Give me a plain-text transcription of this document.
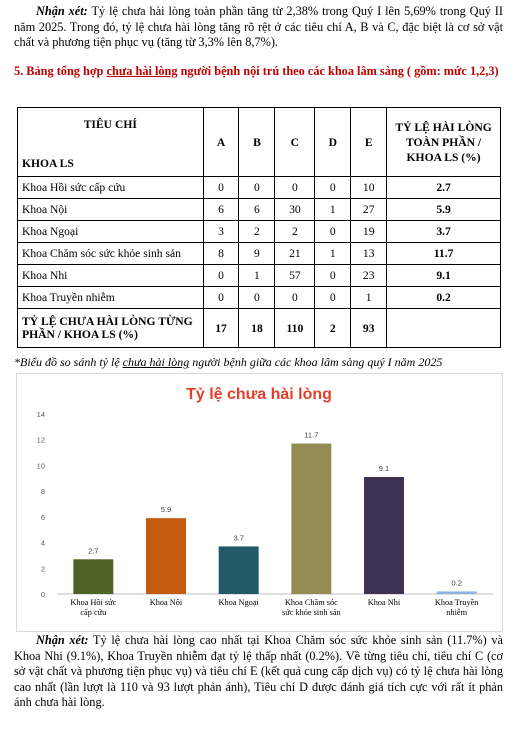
Nhận xét: Tỷ lệ chưa hài lòng toàn phần tăng từ 2,38% trong Quý I lên 5,69% trong Quý II năm 2025. Trong đó, tỷ lệ chưa hài lòng tăng rõ rệt ở các tiêu chí A, B và C, đặc biệt là cơ sở vật chất và phương tiện phục vụ (tăng từ 3,3% lên 8,7%).

5. Bảng tổng hợp chưa hài lòng người bệnh nội trú theo các khoa lâm sàng ( gồm: mức 1,2,3)
TIÊU CHÍ
KHOA LS	A	B	C	D	E	TỶ LỆ HÀI LÒNG TOÀN PHẦN / KHOA LS (%)
Khoa Hồi sức cấp cứu	0	0	0	0	10	2.7
Khoa Nội	6	6	30	1	27	5.9
Khoa Ngoại	3	2	2	0	19	3.7
Khoa Chăm sóc sức khỏe sinh sản	8	9	21	1	13	11.7
Khoa Nhi	0	1	57	0	23	9.1
Khoa Truyền nhiễm	0	0	0	0	1	0.2
TỶ LỆ CHƯA HÀI LÒNG TỪNG PHẦN / KHOA LS (%)	17	18	110	2	93	
*Biểu đồ so sánh tỷ lệ chưa hài lòng người bệnh giữa các khoa lâm sàng quý I năm 2025
Tỷ lệ chưa hài lòng
0
2
4
6
8
10
12
14
2.7
Khoa Hồi sức
cấp cứu
5.9
Khoa Nội
3.7
Khoa Ngoại
11.7
Khoa Chăm sóc
sức khỏe sinh sản
9.1
Khoa Nhi
0.2
Khoa Truyền
nhiễm

Nhận xét: Tỷ lệ chưa hài lòng cao nhất tại Khoa Chăm sóc sức khỏe sinh sản (11.7%) và Khoa Nhi (9.1%), Khoa Truyền nhiễm đạt tỷ lệ thấp nhất (0.2%). Về từng tiêu chí, tiêu chí C (cơ sở vật chất và phương tiện phục vụ) và tiêu chí E (kết quả cung cấp dịch vụ) có tỷ lệ chưa hài lòng cao nhất (lần lượt là 110 và 93 lượt phản ánh), Tiêu chí D được đánh giá tích cực với rất ít phản ánh chưa hài lòng.
